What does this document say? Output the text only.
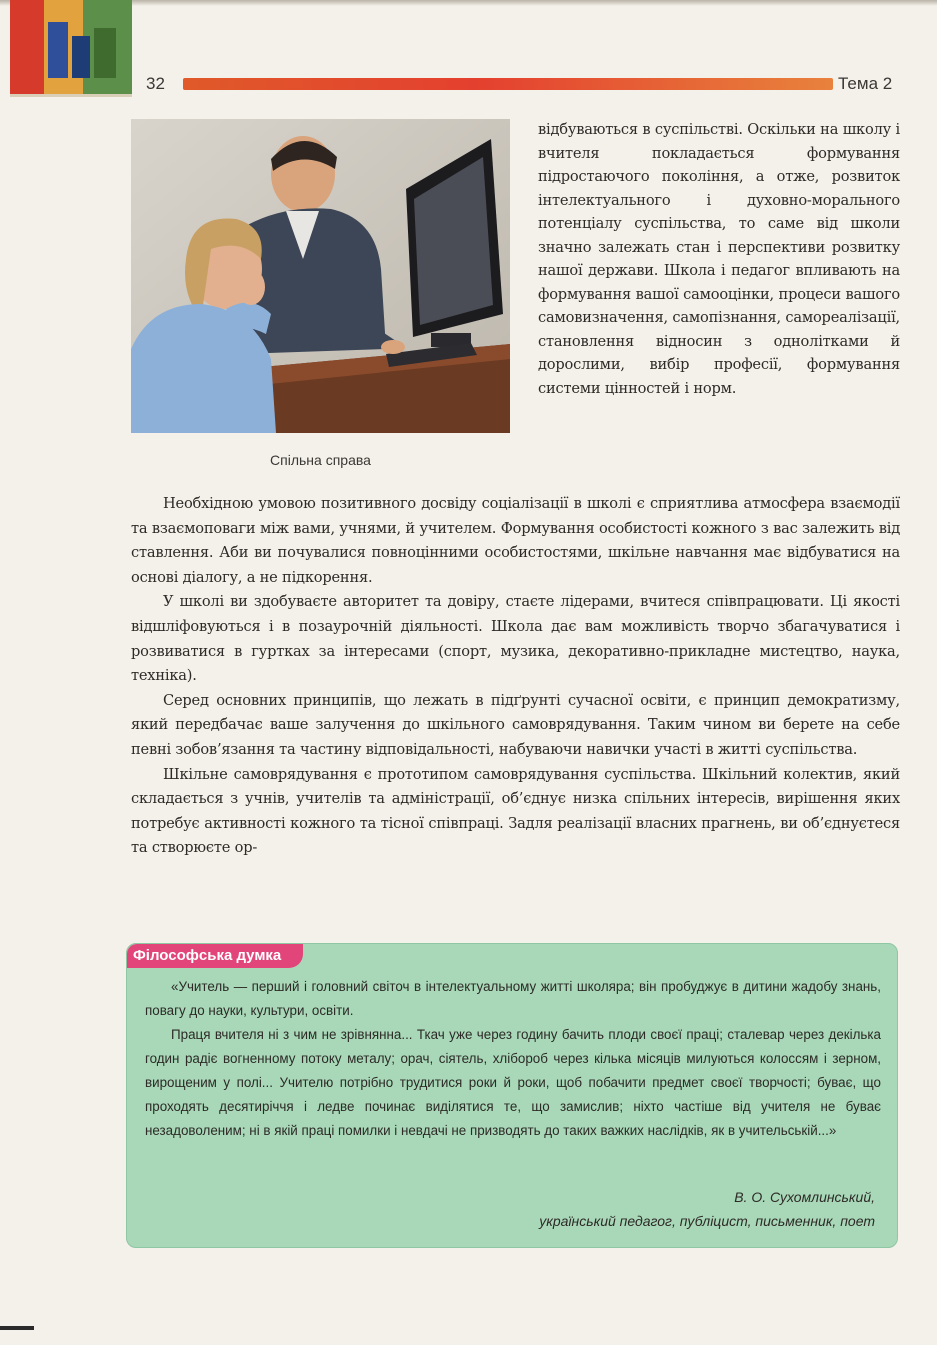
32	Тема 2
Спільна справа
відбуваються в суспільстві. Оскільки на школу і вчителя покладається формування підростаючого покоління, а отже, розвиток інтелектуального і духовно-морального потенціалу суспільства, то саме від школи значно залежать стан і перспективи розвитку нашої держави. Школа і педагог впливають на формування вашої самооцінки, процеси вашого самовизначення, самопізнання, самореалізації, становлення відносин з однолітками й дорослими, вибір професії, формування системи цінностей і норм.

Необхідною умовою позитивного досвіду соціалізації в школі є сприятлива атмосфера взаємодії та взаємоповаги між вами, учнями, й учителем. Формування особистості кожного з вас залежить від ставлення. Аби ви почувалися повноцінними особистостями, шкільне навчання має відбуватися на основі діалогу, а не підкорення.

У школі ви здобуваєте авторитет та довіру, стаєте лідерами, вчитеся співпрацювати. Ці якості відшліфовуються і в позаурочній діяльності. Школа дає вам можливість творчо збагачуватися і розвиватися в гуртках за інтересами (спорт, музика, декоративно-прикладне мистецтво, наука, техніка).

Серед основних принципів, що лежать в підґрунті сучасної освіти, є принцип демократизму, який передбачає ваше залучення до шкільного самоврядування. Таким чином ви берете на себе певні зобов’язання та частину відповідальності, набуваючи навички участі в житті суспільства.

Шкільне самоврядування є прототипом самоврядування суспільства. Шкільний колектив, який складається з учнів, учителів та адміністрації, об’єднує низка спільних інтересів, вирішення яких потребує активності кожного та тісної співпраці. Задля реалізації власних прагнень, ви об’єднуєтеся та створюєте ор-

Філософська думка

«Учитель — перший і головний світоч в інтелектуальному житті школяра; він пробуджує в дитини жадобу знань, повагу до науки, культури, освіти.

Праця вчителя ні з чим не зрівнянна... Ткач уже через годину бачить плоди своєї праці; сталевар через декілька годин радіє вогненному потоку металу; орач, сіятель, хлібороб через кілька місяців милуються колоссям і зерном, вирощеним у полі... Учителю потрібно трудитися роки й роки, щоб побачити предмет своєї творчості; буває, що проходять десятиріччя і ледве починає виділятися те, що замислив; ніхто частіше від учителя не буває незадоволеним; ні в якій праці помилки і невдачі не призводять до таких важких наслідків, як в учительській...»

В. О. Сухомлинський,
український педагог, публіцист, письменник, поет
